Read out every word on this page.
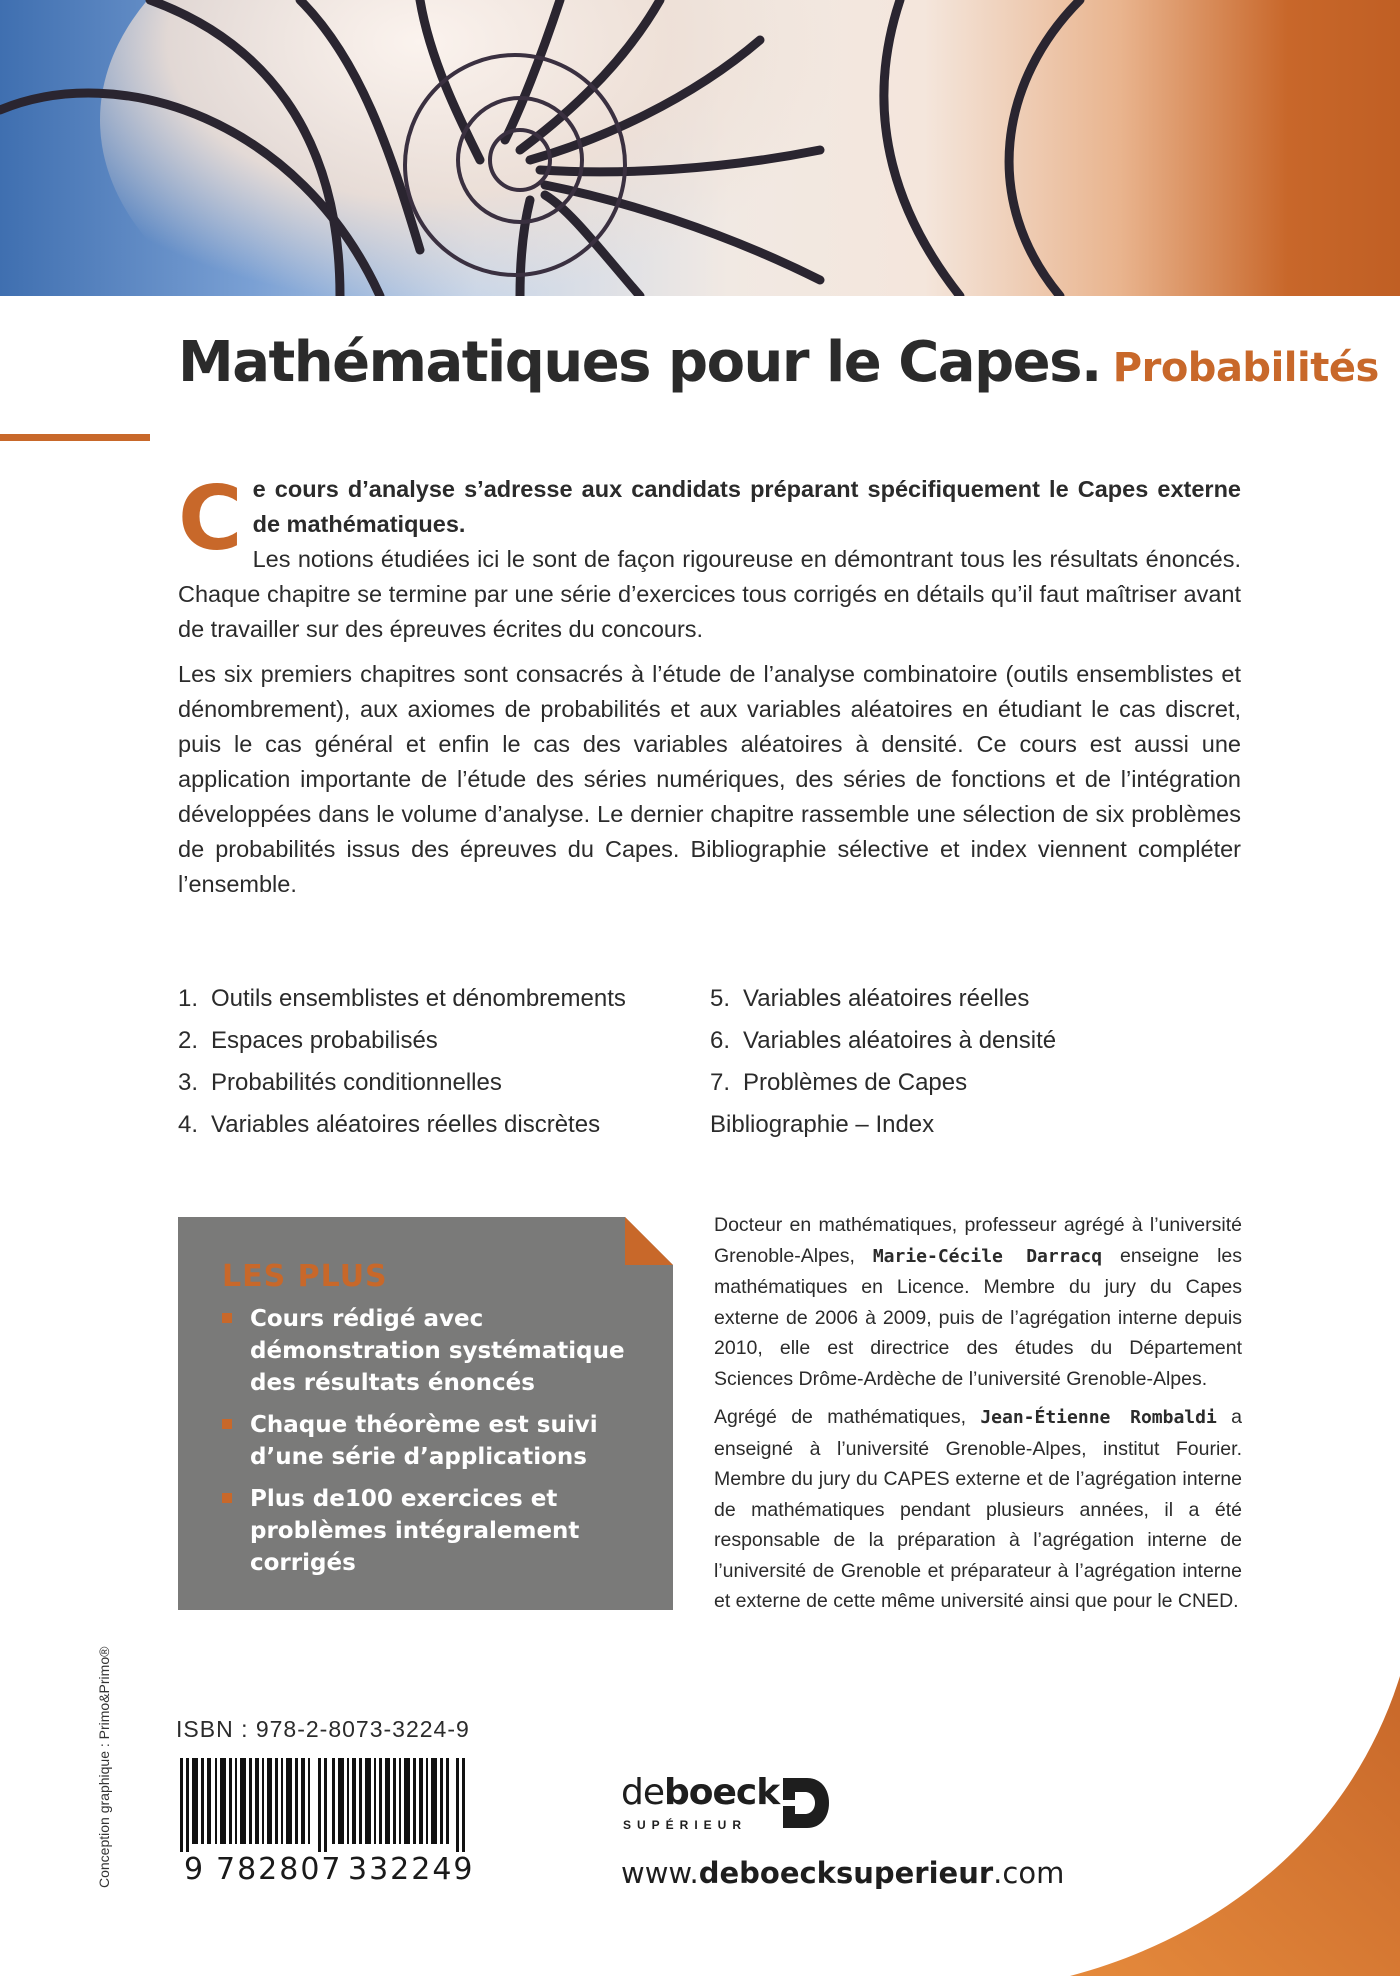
Mathématiques pour le Capes. Probabilités

Ce cours d’analyse s’adresse aux candidats préparant spécifiquement le Capes externe de mathématiques.
Les notions étudiées ici le sont de façon rigoureuse en démontrant tous les résultats énoncés. Chaque chapitre se termine par une série d’exercices tous corrigés en détails qu’il faut maîtriser avant de travailler sur des épreuves écrites du concours.

Les six premiers chapitres sont consacrés à l’étude de l’analyse combinatoire (outils ensemblistes et dénombrement), aux axiomes de probabilités et aux variables aléatoires en étudiant le cas discret, puis le cas général et enfin le cas des variables aléatoires à densité. Ce cours est aussi une application importante de l’étude des séries numériques, des séries de fonctions et de l’intégration développées dans le volume d’analyse. Le dernier chapitre rassemble une sélection de six problèmes de probabilités issus des épreuves du Capes. Bibliographie sélective et index viennent compléter l’ensemble.

1. Outils ensemblistes et dénombrements
2. Espaces probabilisés
3. Probabilités conditionnelles
4. Variables aléatoires réelles discrètes
5. Variables aléatoires réelles
6. Variables aléatoires à densité
7. Problèmes de Capes
Bibliographie – Index
LES PLUS
Cours rédigé avec démonstration systématique des résultats énoncés
Chaque théorème est suivi d’une série d’applications
Plus de100 exercices et problèmes intégralement corrigés

Docteur en mathématiques, professeur agrégé à l’université Grenoble-Alpes, Marie-Cécile Darracq enseigne les mathématiques en Licence. Membre du jury du Capes externe de 2006 à 2009, puis de l’agrégation interne depuis 2010, elle est directrice des études du Département Sciences Drôme-Ardèche de l’université Grenoble-Alpes.

Agrégé de mathématiques, Jean-Étienne Rombaldi a enseigné à l’université Grenoble-Alpes, institut Fourier. Membre du jury du CAPES externe et de l’agrégation interne de mathématiques pendant plusieurs années, il a été responsable de la préparation à l’agrégation interne de l’université de Grenoble et préparateur à l’agrégation interne et externe de cette même université ainsi que pour le CNED.

Conception graphique : Primo&Primo®	ISBN : 978-2-8073-3224-9
9 782807 332249
deboeck
SUPÉRIEUR
www.deboecksuperieur.com
